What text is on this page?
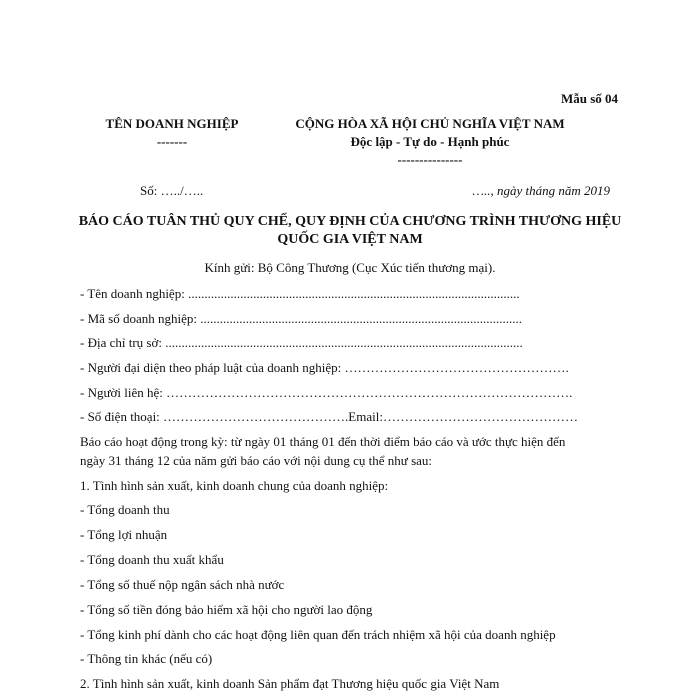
Mẫu số 04
TÊN DOANH NGHIỆP
-------
CỘNG HÒA XÃ HỘI CHỦ NGHĨA VIỆT NAM
Độc lập - Tự do - Hạnh phúc
---------------
Số: …../…..	….., ngày tháng năm 2019
BÁO CÁO TUÂN THỦ QUY CHẾ, QUY ĐỊNH CỦA CHƯƠNG TRÌNH THƯƠNG HIỆU
QUỐC GIA VIỆT NAM
Kính gửi: Bộ Công Thương (Cục Xúc tiến thương mại).
- Tên doanh nghiệp: ......................................................................................................
- Mã số doanh nghiệp: ...................................................................................................
- Địa chỉ trụ sở: ..............................................................................................................
- Người đại diện theo pháp luật của doanh nghiệp: …………………………………………….
- Người liên hệ: ………………………………………………………………………………….
- Số điện thoại: …………………………………….Email:………………………………………
Báo cáo hoạt động trong kỳ: từ ngày 01 tháng 01 đến thời điểm báo cáo và ước thực hiện đến
ngày 31 tháng 12 của năm gửi báo cáo với nội dung cụ thể như sau:
1. Tình hình sản xuất, kinh doanh chung của doanh nghiệp:
- Tổng doanh thu
- Tổng lợi nhuận
- Tổng doanh thu xuất khẩu
- Tổng số thuế nộp ngân sách nhà nước
- Tổng số tiền đóng bảo hiểm xã hội cho người lao động
- Tổng kinh phí dành cho các hoạt động liên quan đến trách nhiệm xã hội của doanh nghiệp
- Thông tin khác (nếu có)
2. Tình hình sản xuất, kinh doanh Sản phẩm đạt Thương hiệu quốc gia Việt Nam
